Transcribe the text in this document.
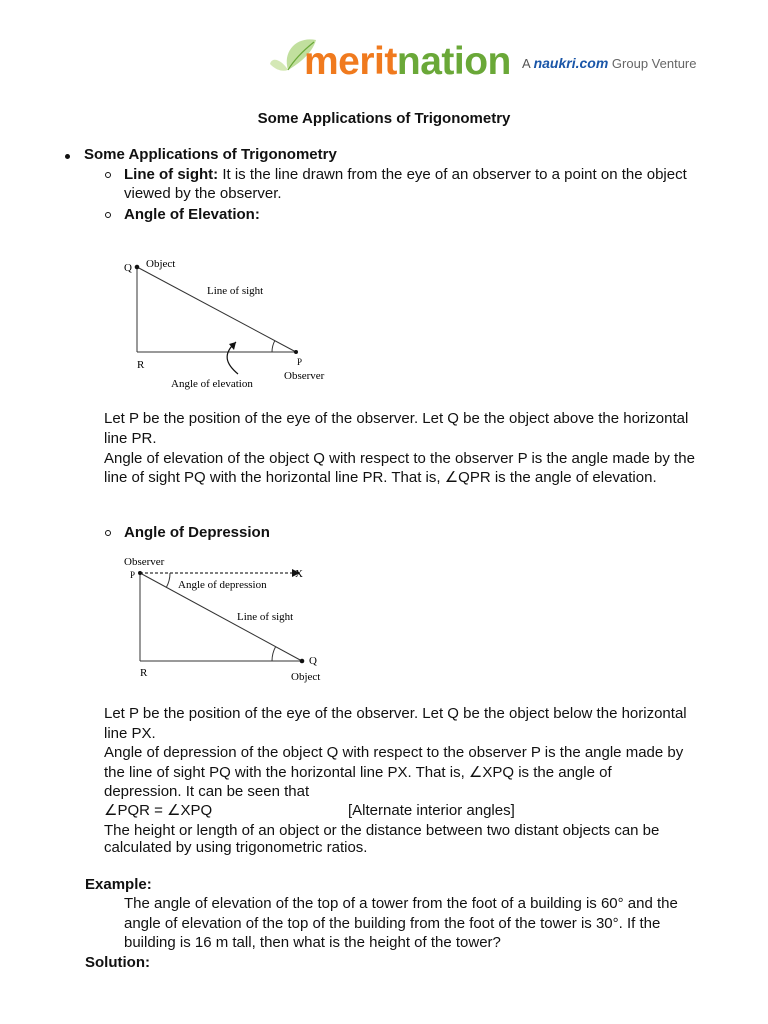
meritnation A naukri.com Group Venture
Some Applications of Trigonometry
Some Applications of Trigonometry
Line of sight: It is the line drawn from the eye of an observer to a point on the object
viewed by the observer.
Angle of Elevation:
Q Object
Line of sight
R	P
Observer
Angle of elevation
Let P be the position of the eye of the observer. Let Q be the object above the horizontal
line PR.
Angle of elevation of the object Q with respect to the observer P is the angle made by the
line of sight PQ with the horizontal line PR. That is, ∠QPR is the angle of elevation.
Angle of Depression
Observer
P	X
Angle of depression
Line of sight
R
Q
Object
Let P be the position of the eye of the observer. Let Q be the object below the horizontal
line PX.
Angle of depression of the object Q with respect to the observer P is the angle made by
the line of sight PQ with the horizontal line PX. That is, ∠XPQ is the angle of
depression. It can be seen that
∠PQR = ∠XPQ	[Alternate interior angles]
The height or length of an object or the distance between two distant objects can be
calculated by using trigonometric ratios.
Example:
The angle of elevation of the top of a tower from the foot of a building is 60° and the
angle of elevation of the top of the building from the foot of the tower is 30°. If the
building is 16 m tall, then what is the height of the tower?
Solution:
